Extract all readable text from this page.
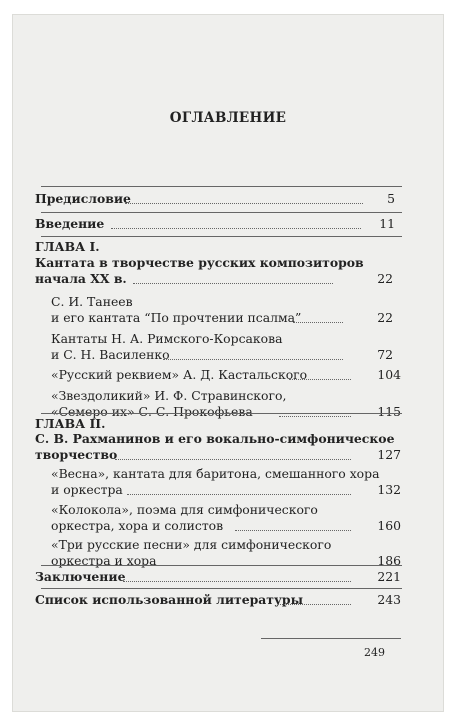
ОГЛАВЛЕНИЕ
Предисловие	5
Введение	11
ГЛАВА I.
Кантата в творчестве русских композиторов
начала XX в.	22
С. И. Танеев
и его кантата “По прочтении псалма”	22
Кантаты Н. А. Римского-Корсакова
и С. Н. Василенко	72
«Русский реквием» А. Д. Кастальского	104
«Звездоликий» И. Ф. Стравинского,
«Семеро их» С. С. Прокофьева	115
ГЛАВА II.
С. В. Рахманинов и его вокально-симфоническое
творчество	127
«Весна», кантата для баритона, смешанного хора
и оркестра	132
«Колокола», поэма для симфонического
оркестра, хора и солистов	160
«Три русские песни» для симфонического
оркестра и хора	186
Заключение	221
Список использованной литературы	243
249
